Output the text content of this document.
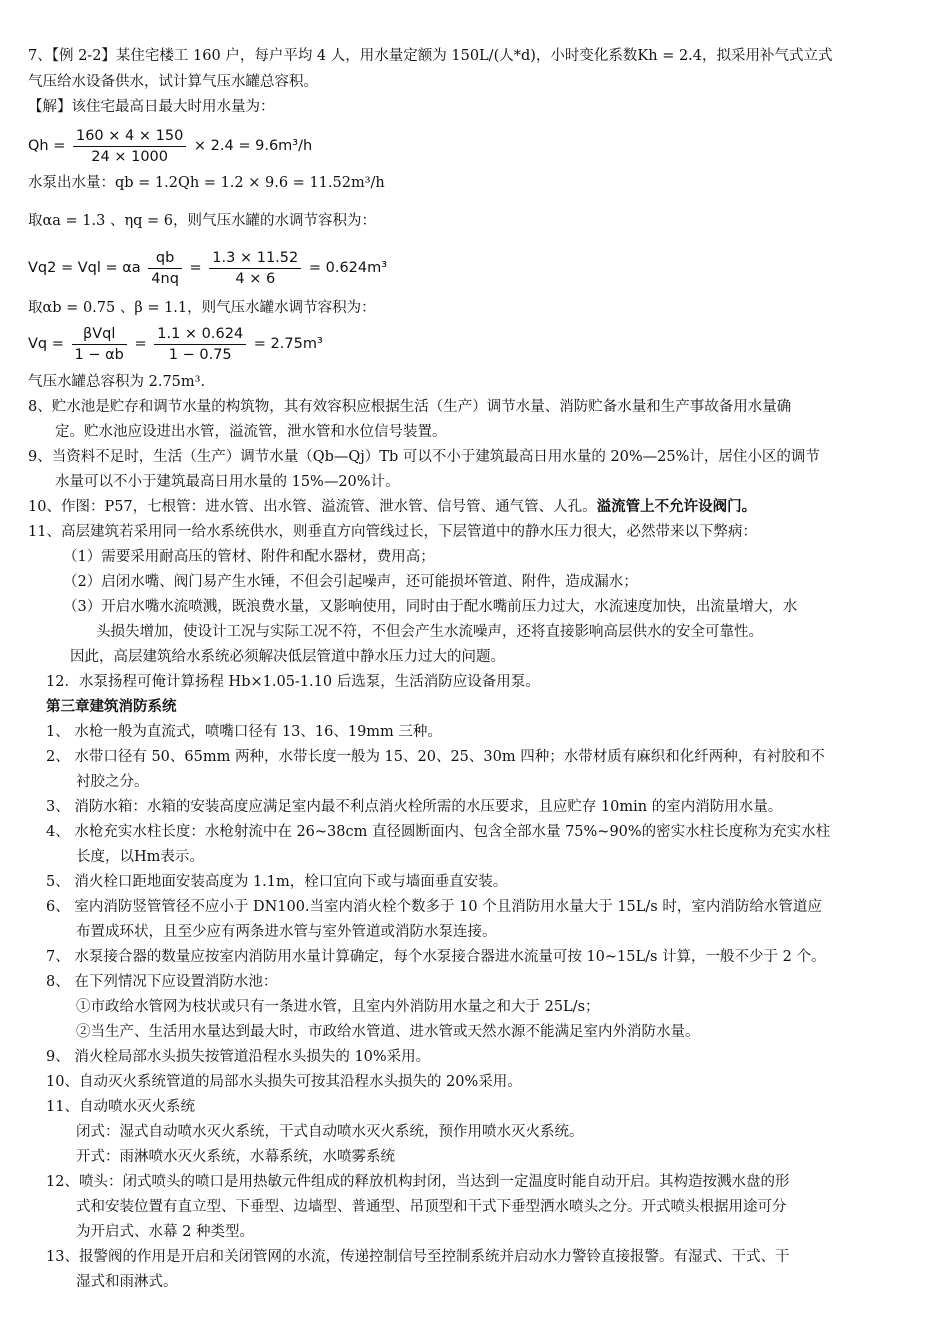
7、【例 2-2】某住宅楼工 160 户，每户平均 4 人，用水量定额为 150L/(人*d)，小时变化系数Kh = 2.4，拟采用补气式立式
气压给水设备供水，试计算气压水罐总容积。
【解】该住宅最高日最大时用水量为：
$Qh = \frac{160 \times 4 \times 150}{24 \times 1000} \times 2.4 = 9.6m^3/h$
水泵出水量：qb = 1.2Qh = 1.2 × 9.6 = 11.52m³/h
取αa = 1.3 、ηq = 6，则气压水罐的水调节容积为：
Vq2 = Vql = αa $\frac{qb}{4nq} = \frac{1.3 \times 11.52}{4 \times 6} = 0.624m^3$
取αb = 0.75 、β = 1.1，则气压水罐水调节容积为：
$Vq = \frac{\text{βVql}}{1 - \alpha b} = \frac{1.1 \times 0.624}{1 - 0.75} = 2.75m^3$
气压水罐总容积为 2.75m³.
8、贮水池是贮存和调节水量的构筑物，其有效容积应根据生活（生产）调节水量、消防贮备水量和生产事故备用水量确
定。贮水池应设进出水管，溢流管，泄水管和水位信号装置。
9、当资料不足时，生活（生产）调节水量（Qb—Qj）Tb 可以不小于建筑最高日用水量的 20%—25%计，居住小区的调节
水量可以不小于建筑最高日用水量的 15%—20%计。
10、作图：P57，七根管：进水管、出水管、溢流管、泄水管、信号管、通气管、人孔。溢流管上不允许设阀门。
11、高层建筑若采用同一给水系统供水，则垂直方向管线过长，下层管道中的静水压力很大，必然带来以下弊病：
（1）需要采用耐高压的管材、附件和配水器材，费用高；
（2）启闭水嘴、阀门易产生水锤，不但会引起噪声，还可能损坏管道、附件，造成漏水；
（3）开启水嘴水流喷溅，既浪费水量，又影响使用，同时由于配水嘴前压力过大，水流速度加快，出流量增大，水
头损失增加，使设计工况与实际工况不符，不但会产生水流噪声，还将直接影响高层供水的安全可靠性。
因此，高层建筑给水系统必须解决低层管道中静水压力过大的问题。
12．水泵扬程可俺计算扬程 Hb×1.05-1.10 后选泵，生活消防应设备用泵。
第三章建筑消防系统
1、 水枪一般为直流式，喷嘴口径有 13、16、19mm 三种。
2、 水带口径有 50、65mm 两种，水带长度一般为 15、20、25、30m 四种；水带材质有麻织和化纤两种，有衬胶和不
衬胶之分。
3、 消防水箱：水箱的安装高度应满足室内最不利点消火栓所需的水压要求，且应贮存 10min 的室内消防用水量。
4、 水枪充实水柱长度：水枪射流中在 26~38cm 直径圆断面内、包含全部水量 75%~90%的密实水柱长度称为充实水柱
长度，以Hm表示。
5、 消火栓口距地面安装高度为 1.1m，栓口宜向下或与墙面垂直安装。
6、 室内消防竖管管径不应小于 DN100.当室内消火栓个数多于 10 个且消防用水量大于 15L/s 时，室内消防给水管道应
布置成环状，且至少应有两条进水管与室外管道或消防水泵连接。
7、 水泵接合器的数量应按室内消防用水量计算确定，每个水泵接合器进水流量可按 10~15L/s 计算，一般不少于 2 个。
8、 在下列情况下应设置消防水池：
①市政给水管网为枝状或只有一条进水管，且室内外消防用水量之和大于 25L/s；
②当生产、生活用水量达到最大时，市政给水管道、进水管或天然水源不能满足室内外消防水量。
9、 消火栓局部水头损失按管道沿程水头损失的 10%采用。
10、自动灭火系统管道的局部水头损失可按其沿程水头损失的 20%采用。
11、自动喷水灭火系统
闭式：湿式自动喷水灭火系统，干式自动喷水灭火系统，预作用喷水灭火系统。
开式：雨淋喷水灭火系统，水幕系统，水喷雾系统
12、喷头：闭式喷头的喷口是用热敏元件组成的释放机构封闭，当达到一定温度时能自动开启。其构造按溅水盘的形
式和安装位置有直立型、下垂型、边墙型、普通型、吊顶型和干式下垂型洒水喷头之分。开式喷头根据用途可分
为开启式、水幕 2 种类型。
13、报警阀的作用是开启和关闭管网的水流，传递控制信号至控制系统并启动水力警铃直接报警。有湿式、干式、干
湿式和雨淋式。
